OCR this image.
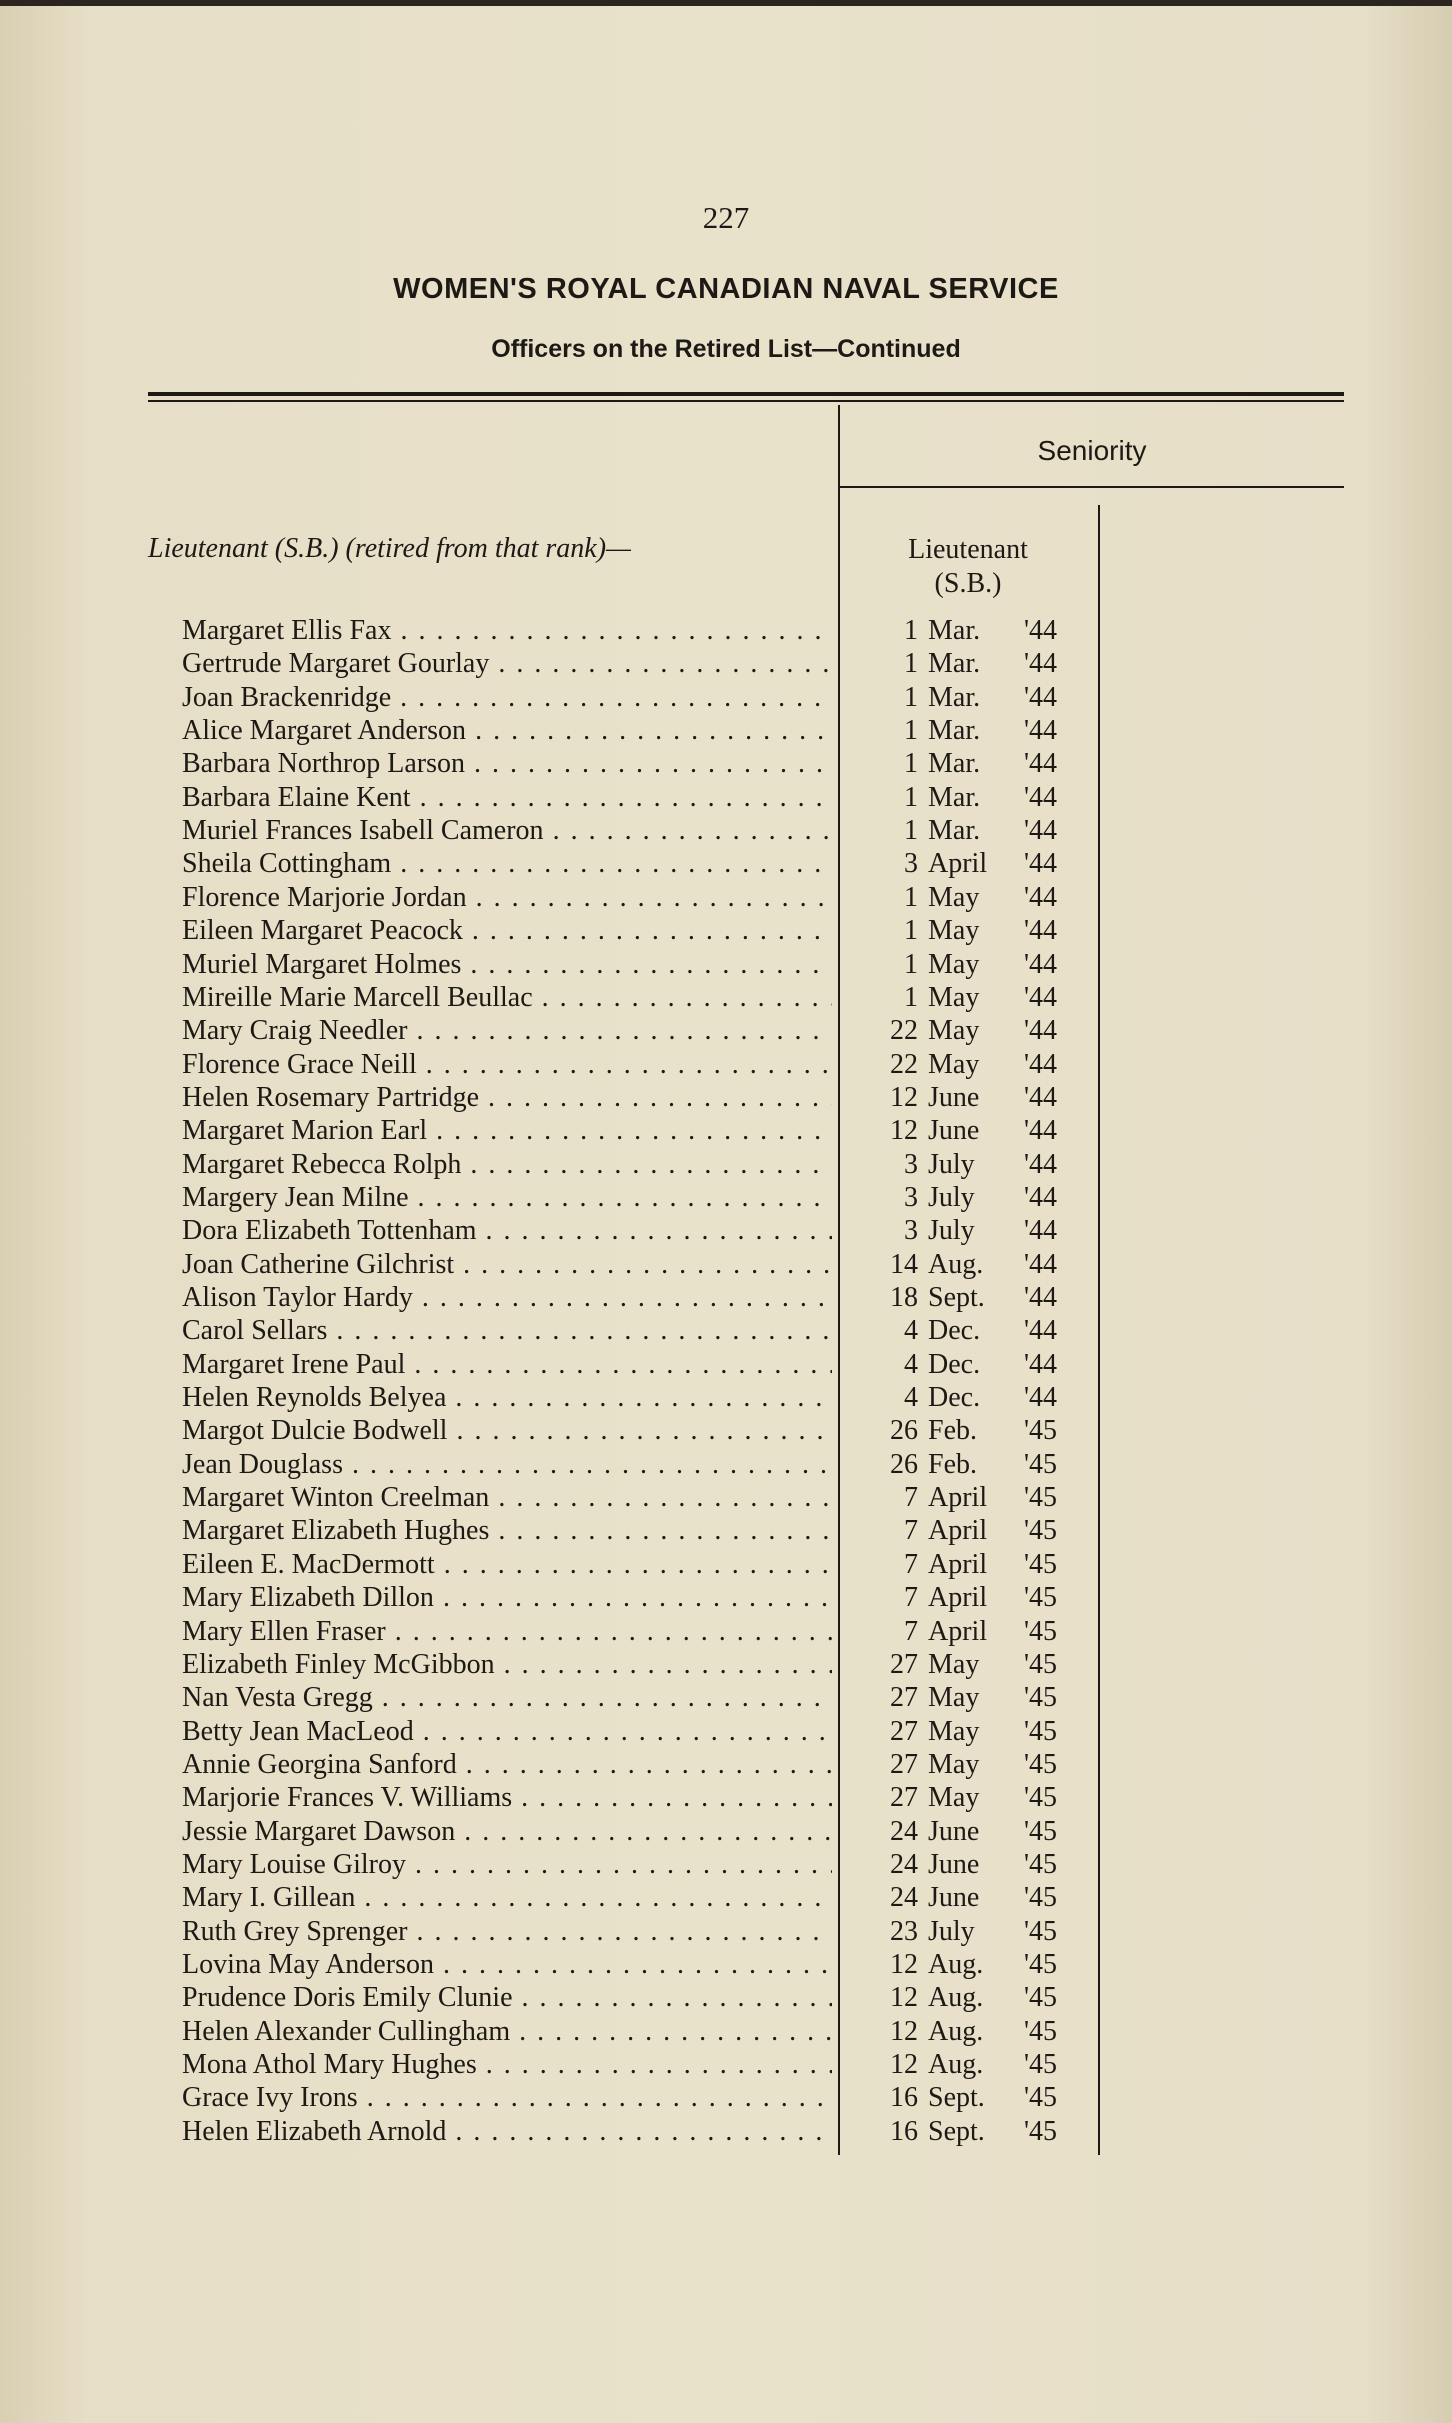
227
WOMEN'S ROYAL CANADIAN NAVAL SERVICE
Officers on the Retired List—Continued
Seniority
Lieutenant (S.B.) (retired from that rank)—	Lieutenant
(S.B.)
Margaret Ellis Fax . . .	1 Mar. '44
Gertrude Margaret Gourlay . . .	1 Mar. '44
Joan Brackenridge . . .	1 Mar. '44
Alice Margaret Anderson . . .	1 Mar. '44
Barbara Northrop Larson . . .	1 Mar. '44
Barbara Elaine Kent . . .	1 Mar. '44
Muriel Frances Isabell Cameron . . .	1 Mar. '44
Sheila Cottingham . . .	3 April '44
Florence Marjorie Jordan . . .	1 May '44
Eileen Margaret Peacock . . .	1 May '44
Muriel Margaret Holmes . . .	1 May '44
Mireille Marie Marcell Beullac . . .	1 May '44
Mary Craig Needler . . .	22 May '44
Florence Grace Neill . . .	22 May '44
Helen Rosemary Partridge . . .	12 June '44
Margaret Marion Earl . . .	12 June '44
Margaret Rebecca Rolph . . .	3 July '44
Margery Jean Milne . . .	3 July '44
Dora Elizabeth Tottenham . . .	3 July '44
Joan Catherine Gilchrist . . .	14 Aug. '44
Alison Taylor Hardy . . .	18 Sept. '44
Carol Sellars . . .	4 Dec. '44
Margaret Irene Paul . . .	4 Dec. '44
Helen Reynolds Belyea . . .	4 Dec. '44
Margot Dulcie Bodwell . . .	26 Feb. '45
Jean Douglass . . .	26 Feb. '45
Margaret Winton Creelman . . .	7 April '45
Margaret Elizabeth Hughes . . .	7 April '45
Eileen E. MacDermott . . .	7 April '45
Mary Elizabeth Dillon . . .	7 April '45
Mary Ellen Fraser . . .	7 April '45
Elizabeth Finley McGibbon . . .	27 May '45
Nan Vesta Gregg . . .	27 May '45
Betty Jean MacLeod . . .	27 May '45
Annie Georgina Sanford . . .	27 May '45
Marjorie Frances V. Williams . . .	27 May '45
Jessie Margaret Dawson . . .	24 June '45
Mary Louise Gilroy . . .	24 June '45
Mary I. Gillean . . .	24 June '45
Ruth Grey Sprenger . . .	23 July '45
Lovina May Anderson . . .	12 Aug. '45
Prudence Doris Emily Clunie . . .	12 Aug. '45
Helen Alexander Cullingham . . .	12 Aug. '45
Mona Athol Mary Hughes . . .	12 Aug. '45
Grace Ivy Irons . . .	16 Sept. '45
Helen Elizabeth Arnold . . .	16 Sept. '45
